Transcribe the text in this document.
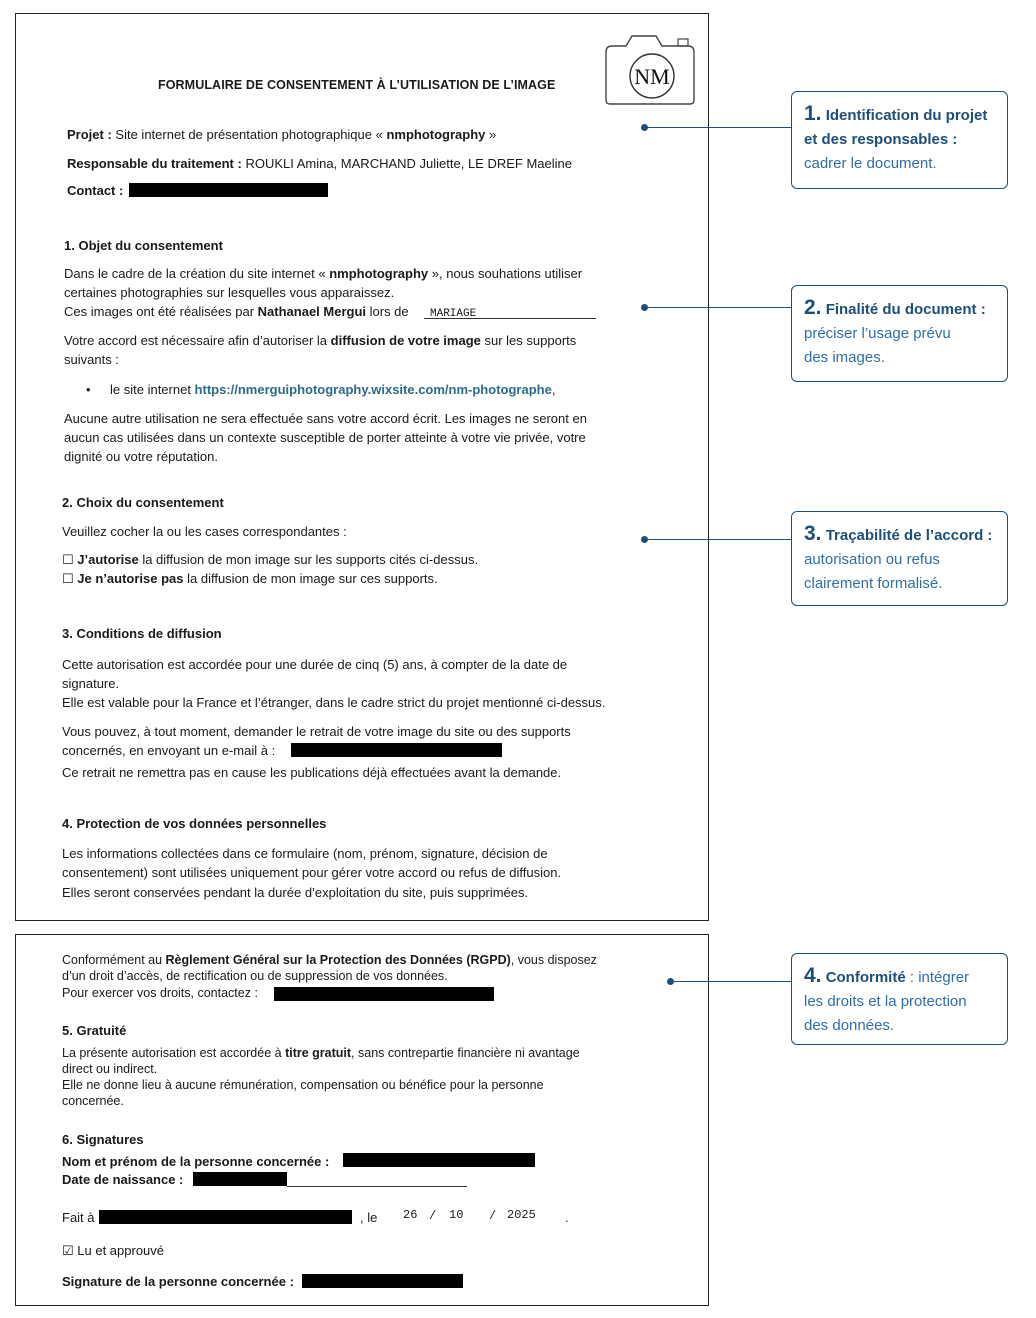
NM
FORMULAIRE DE CONSENTEMENT À L’UTILISATION DE L’IMAGE
Projet : Site internet de présentation photographique « nmphotography »
Responsable du traitement : ROUKLI Amina, MARCHAND Juliette, LE DREF Maeline
Contact :
1. Objet du consentement
Dans le cadre de la création du site internet « nmphotography », nous souhations utiliser
certaines photographies sur lesquelles vous apparaissez.
Ces images ont été réalisées par Nathanael Mergui lors de MARIAGE
Votre accord est nécessaire afin d’autoriser la diffusion de votre image sur les supports
suivants :
• le site internet https://nmerguiphotography.wixsite.com/nm-photographe,
Aucune autre utilisation ne sera effectuée sans votre accord écrit. Les images ne seront en
aucun cas utilisées dans un contexte susceptible de porter atteinte à votre vie privée, votre
dignité ou votre réputation.
2. Choix du consentement
Veuillez cocher la ou les cases correspondantes :
☐ J’autorise la diffusion de mon image sur les supports cités ci-dessus.
☐ Je n’autorise pas la diffusion de mon image sur ces supports.
3. Conditions de diffusion
Cette autorisation est accordée pour une durée de cinq (5) ans, à compter de la date de
signature.
Elle est valable pour la France et l’étranger, dans le cadre strict du projet mentionné ci-dessus.
Vous pouvez, à tout moment, demander le retrait de votre image du site ou des supports
concernés, en envoyant un e-mail à :
Ce retrait ne remettra pas en cause les publications déjà effectuées avant la demande.
4. Protection de vos données personnelles
Les informations collectées dans ce formulaire (nom, prénom, signature, décision de
consentement) sont utilisées uniquement pour gérer votre accord ou refus de diffusion.
Elles seront conservées pendant la durée d’exploitation du site, puis supprimées.
Conformément au Règlement Général sur la Protection des Données (RGPD), vous disposez
d’un droit d’accès, de rectification ou de suppression de vos données.
Pour exercer vos droits, contactez :
5. Gratuité
La présente autorisation est accordée à titre gratuit, sans contrepartie financière ni avantage
direct ou indirect.
Elle ne donne lieu à aucune rémunération, compensation ou bénéfice pour la personne
concernée.
6. Signatures
Nom et prénom de la personne concernée :
Date de naissance :
Fait à	, le 26 / 10 / 2025 .
☑ Lu et approuvé
Signature de la personne concernée :
1. Identification du projet
et des responsables :
cadrer le document.
2. Finalité du document :
préciser l’usage prévu
des images.
3. Traçabilité de l’accord :
autorisation ou refus
clairement formalisé.
4. Conformité : intégrer
les droits et la protection
des données.
